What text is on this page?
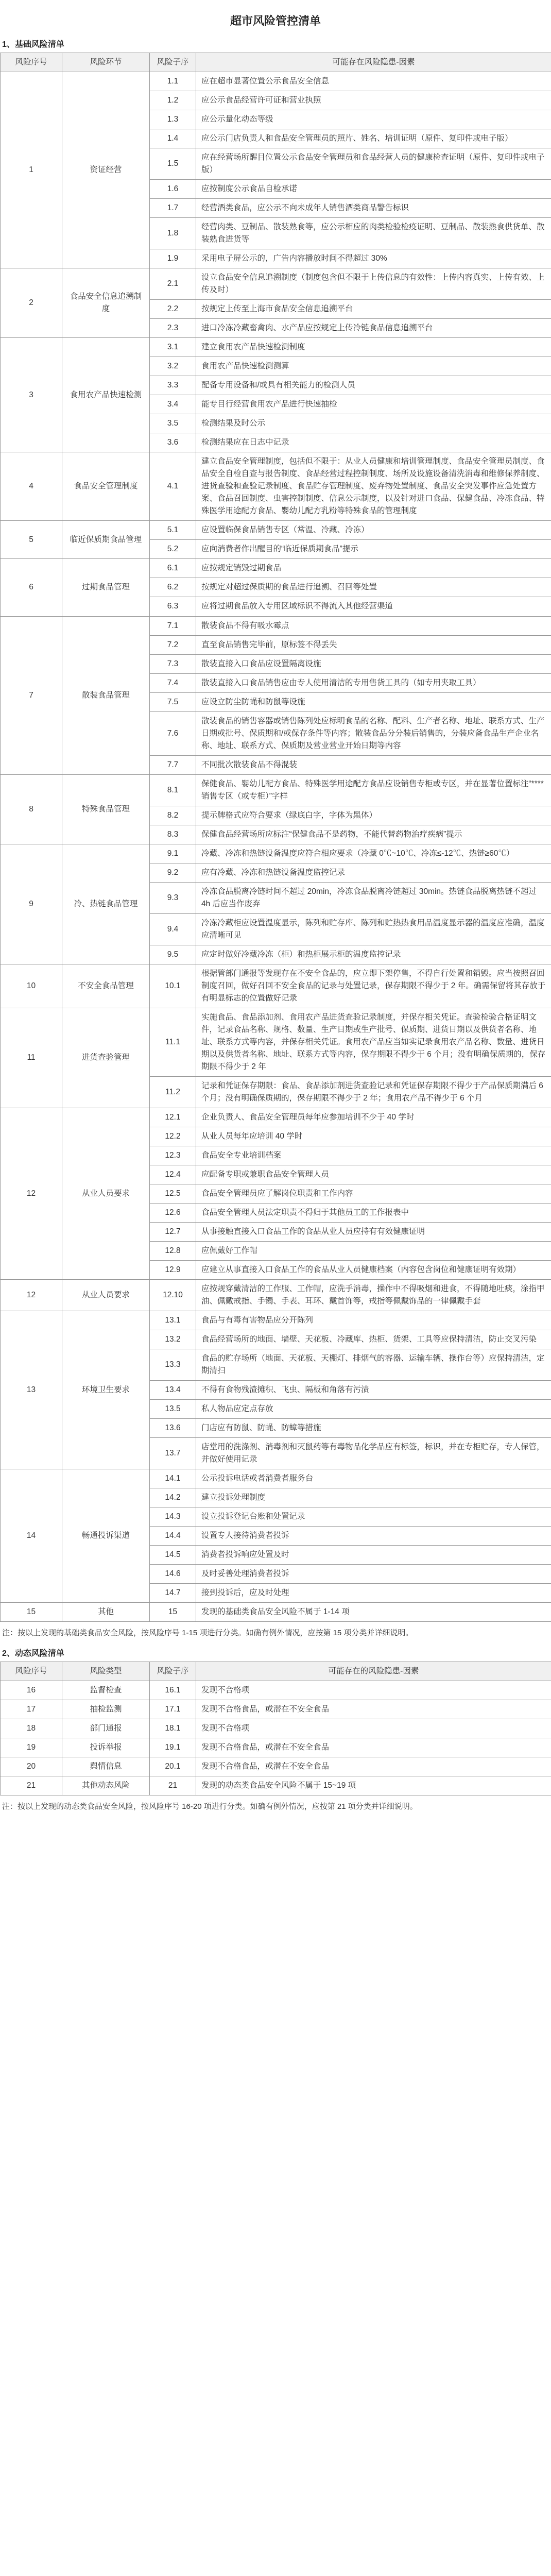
超市风险管控清单
1、基础风险清单
风险序号	风险环节	风险子序	可能存在风险隐患-因素
1	资证经营	1.1	应在超市显著位置公示食品安全信息
		1.2	应公示食品经营许可证和营业执照
		1.3	应公示量化动态等级
		1.4	应公示门店负责人和食品安全管理员的照片、姓名、培训证明（原件、复印件或电子版）
		1.5	应在经营场所醒目位置公示食品安全管理员和食品经营人员的健康检查证明（原件、复印件或电子版）
		1.6	应按制度公示食品自检承诺
		1.7	经营酒类食品，应公示不向未成年人销售酒类商品警告标识
		1.8	经营肉类、豆制品、散装熟食等，应公示相应的肉类检验检疫证明、豆制品、散装熟食供货单、散装熟食进货等
		1.9	采用电子屏公示的，广告内容播放时间不得超过 30%
2	食品安全信息追溯制度	2.1	设立食品安全信息追溯制度（制度包含但不限于上传信息的有效性：上传内容真实、上传有效、上传及时）
		2.2	按规定上传至上海市食品安全信息追溯平台
		2.3	进口冷冻冷藏畜禽肉、水产品应按规定上传冷链食品信息追溯平台
3	食用农产品快速检测	3.1	建立食用农产品快速检测制度
		3.2	食用农产品快速检测测算
		3.3	配备专用设备和/或具有相关能力的检测人员
		3.4	能专目行经营食用农产品进行快速抽检
		3.5	检测结果及时公示
		3.6	检测结果应在日志中记录
4	食品安全管理制度	4.1	建立食品安全管理制度，包括但不限于：从业人员健康和培训管理制度、食品安全管理员制度、食品安全自检自查与报告制度、食品经营过程控制制度、场所及设施设备清洗消毒和维修保养制度、进货查验和查验记录制度、食品贮存管理制度、废弃物处置制度、食品安全突发事件应急处置方案、食品召回制度、虫害控制制度、信息公示制度，以及针对进口食品、保健食品、冷冻食品、特殊医学用途配方食品、婴幼儿配方乳粉等特殊食品的管理制度
5	临近保质期食品管理	5.1	应设置临保食品销售专区（常温、冷藏、冷冻）
		5.2	应向消费者作出醒目的“临近保质期食品”提示
6	过期食品管理	6.1	应按规定销毁过期食品
		6.2	按规定对超过保质期的食品进行追溯、召回等处置
		6.3	应将过期食品放入专用区域标识不得流入其他经营渠道
7	散装食品管理	7.1	散装食品不得有吸水霉点
		7.2	直至食品销售完毕前，原标签不得丢失
		7.3	散装直接入口食品应设置隔离设施
		7.4	散装直接入口食品销售应由专人使用清洁的专用售货工具的（如专用夹取工具）
		7.5	应设立防尘防蝇和防鼠等设施
		7.6	散装食品的销售容器或销售陈列处应标明食品的名称、配料、生产者名称、地址、联系方式、生产日期或批号、保质期和/或保存条件等内容；散装食品分分装后销售的，分装应备食品生产企业名称、地址、联系方式、保质期及营业营业开始日期等内容
		7.7	不同批次散装食品不得混装
8	特殊食品管理	8.1	保健食品、婴幼儿配方食品、特殊医学用途配方食品应设销售专柜或专区，并在显著位置标注“****销售专区（或专柜）”字样
		8.2	提示牌格式应符合要求（绿底白字，字体为黑体）
		8.3	保健食品经营场所应标注“保健食品不是药物，不能代替药物治疗疾病”提示
9	冷、热链食品管理	9.1	冷藏、冷冻和热链设备温度应符合相应要求（冷藏 0℃~10℃、冷冻≤-12℃、热链≥60℃）
		9.2	应有冷藏、冷冻和热链设备温度监控记录
		9.3	冷冻食品脱离冷链时间不超过 20min，冷冻食品脱离冷链超过 30min。热链食品脱离热链不超过 4h 后应当作废弃
		9.4	冷冻冷藏柜应设置温度显示，陈列和贮存库、陈列和贮热热食用品温度显示器的温度应准确，温度应清晰可见
		9.5	应定时做好冷藏冷冻（柜）和热柜展示柜的温度监控记录
10	不安全食品管理	10.1	根据管部门通报等发现存在不安全食品的，应立即下架停售，不得自行处置和销毁。应当按照召回制度召回，做好召回不安全食品的记录与处置记录，保存期限不得少于 2 年。确需保留将其存放于有明显标志的位置做好记录
11	进货查验管理	11.1	实施食品、食品添加剂、食用农产品进货查验记录制度，并保存相关凭证。查验检验合格证明文件，记录食品名称、规格、数量、生产日期或生产批号、保质期、进货日期以及供货者名称、地址、联系方式等内容，并保存相关凭证。食用农产品应当如实记录食用农产品名称、数量、进货日期以及供货者名称、地址、联系方式等内容，保存期限不得少于 6 个月；没有明确保质期的，保存期限不得少于 2 年
		11.2	记录和凭证保存期限：食品、食品添加剂进货查验记录和凭证保存期限不得少于产品保质期满后 6 个月；没有明确保质期的，保存期限不得少于 2 年；食用农产品不得少于 6 个月
12	从业人员要求	12.1	企业负责人、食品安全管理员每年应参加培训不少于 40 学时
		12.2	从业人员每年应培训 40 学时
		12.3	食品安全专业培训档案
		12.4	应配备专职或兼职食品安全管理人员
		12.5	食品安全管理员应了解岗位职责和工作内容
		12.6	食品安全管理人员法定职责不得归于其他员工的工作报表中
		12.7	从事接触直接入口食品工作的食品从业人员应持有有效健康证明
		12.8	应佩戴好工作帽
		12.9	应建立从事直接入口食品工作的食品从业人员健康档案（内容包含岗位和健康证明有效期）
12	从业人员要求	12.10	应按规穿戴清洁的工作服、工作帽，应洗手消毒，操作中不得吸烟和进食，不得随地吐痰，涂指甲油、佩戴戒指、手镯、手表、耳环、戴首饰等，戒指等佩戴饰品的一律佩戴手套
13	环境卫生要求	13.1	食品与有毒有害物品应分开陈列
		13.2	食品经营场所的地面、墙壁、天花板、冷藏库、热柜、货架、工具等应保持清洁，防止交叉污染
		13.3	食品的贮存场所（地面、天花板、天棚灯、排烟气的容器、运输车辆、操作台等）应保持清洁，定期清扫
		13.4	不得有食物残渣摊积、飞虫、隔板和角落有污渍
		13.5	私人物品应定点存放
		13.6	门店应有防鼠、防蝇、防蟑等措施
		13.7	店堂用的洗涤剂、消毒剂和灭鼠药等有毒物品化学品应有标签，标识，并在专柜贮存，专人保管，并做好使用记录
14	畅通投诉渠道	14.1	公示投诉电话或者消费者服务台
		14.2	建立投诉处理制度
		14.3	设立投诉登记台账和处置记录
		14.4	设置专人接待消费者投诉
		14.5	消费者投诉响应处置及时
		14.6	及时妥善处理消费者投诉
		14.7	接到投诉后，应及时处理
15	其他	15	发现的基础类食品安全风险不属于 1-14 项
注：按以上发现的基础类食品安全风险，按风险序号 1-15 项进行分类。如确有例外情况，应按第 15 项分类并详细说明。
2、动态风险清单
风险序号	风险类型	风险子序	可能存在的风险隐患-因素
16	监督检查	16.1	发现不合格项
17	抽检监测	17.1	发现不合格食品，或潜在不安全食品
18	部门通报	18.1	发现不合格项
19	投诉举报	19.1	发现不合格食品，或潜在不安全食品
20	舆情信息	20.1	发现不合格食品，或潜在不安全食品
21	其他动态风险	21	发现的动态类食品安全风险不属于 15~19 项
注：按以上发现的动态类食品安全风险，按风险序号 16-20 项进行分类。如确有例外情况，应按第 21 项分类并详细说明。
